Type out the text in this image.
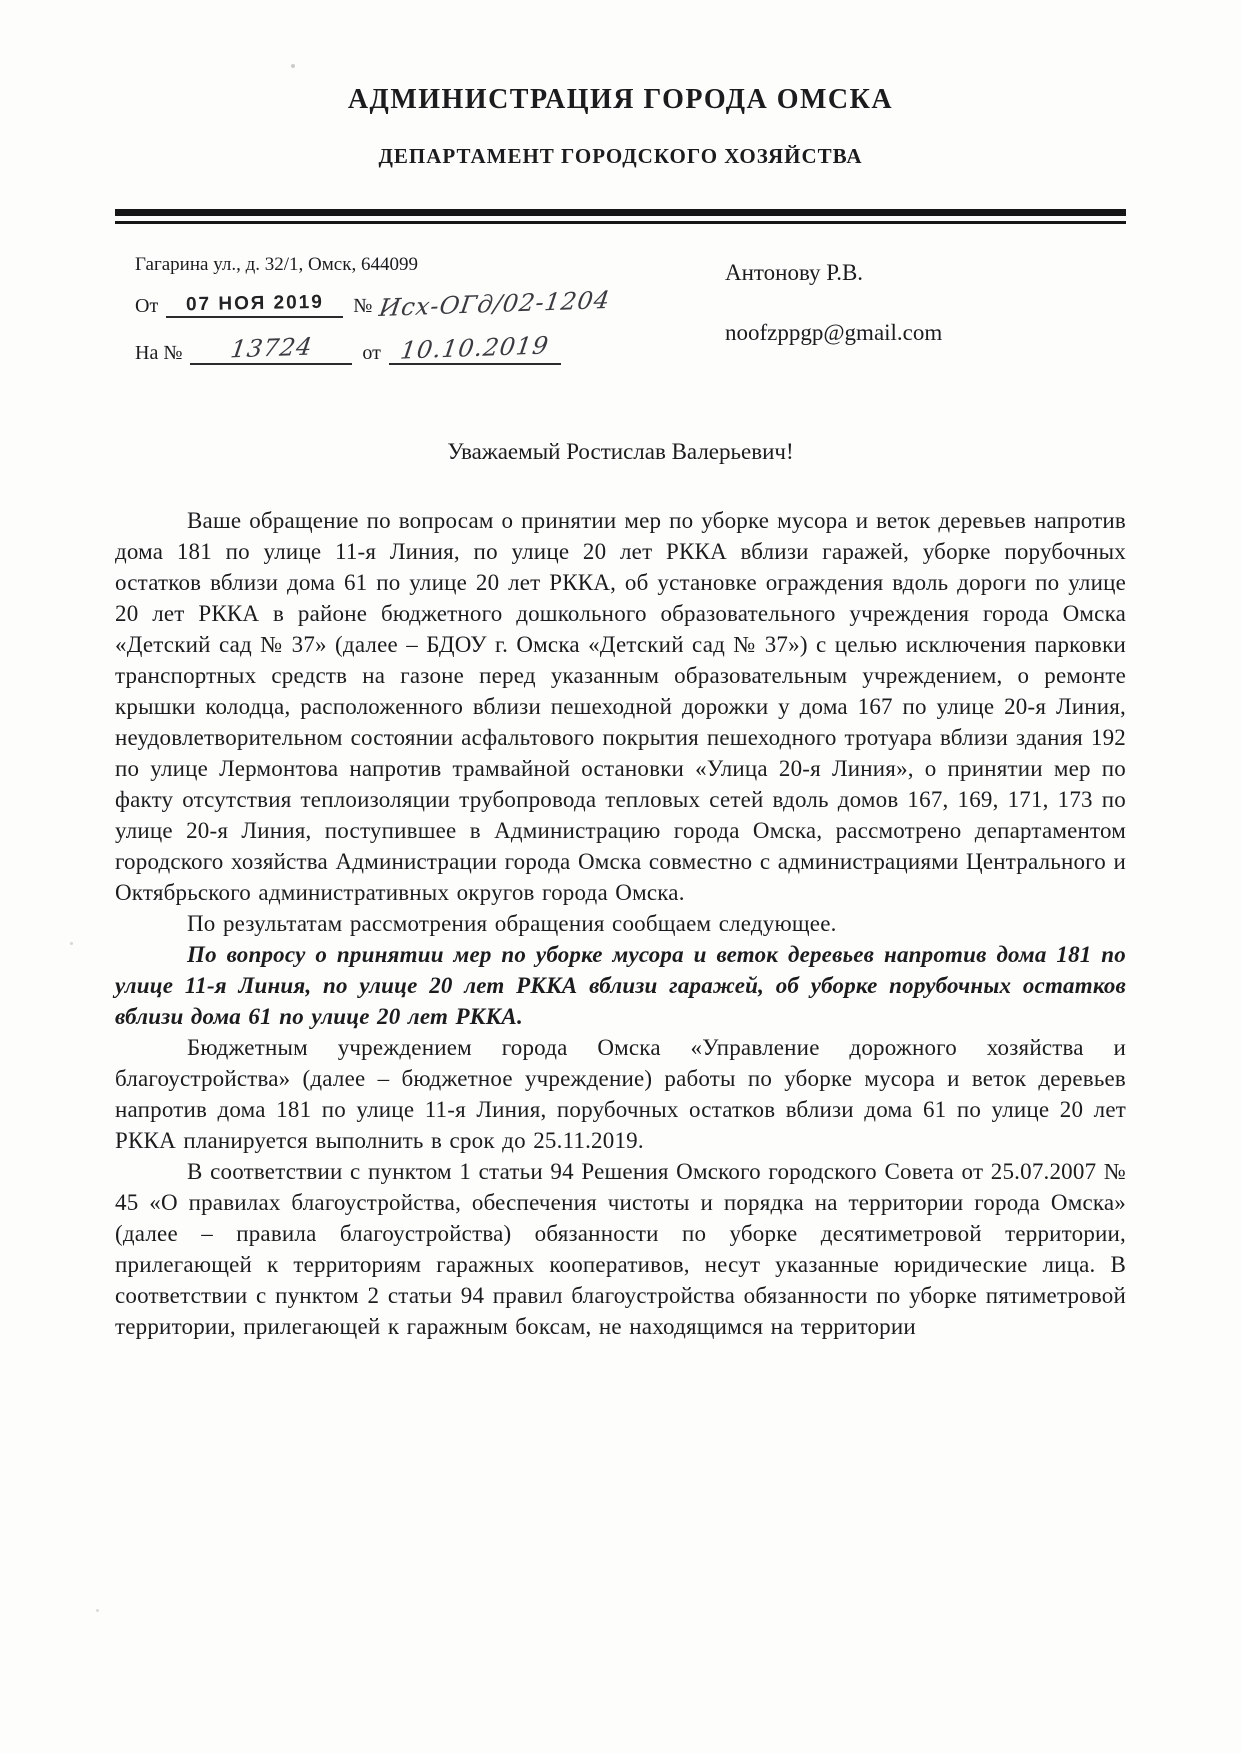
АДМИНИСТРАЦИЯ ГОРОДА ОМСКА
ДЕПАРТАМЕНТ ГОРОДСКОГО ХОЗЯЙСТВА

Гагарина ул., д. 32/1, Омск, 644099

От	07 НОЯ 2019	№ Исх-ОГд/02-1204
На №	13724	от 10.10.2019

Антонову Р.В.

noofzppgp@gmail.com

Уважаемый Ростислав Валерьевич!

Ваше обращение по вопросам о принятии мер по уборке мусора и веток деревьев напротив дома 181 по улице 11-я Линия, по улице 20 лет РККА вблизи гаражей, уборке порубочных остатков вблизи дома 61 по улице 20 лет РККА, об установке ограждения вдоль дороги по улице 20 лет РККА в районе бюджетного дошкольного образовательного учреждения города Омска «Детский сад № 37» (далее – БДОУ г. Омска «Детский сад № 37») с целью исключения парковки транспортных средств на газоне перед указанным образовательным учреждением, о ремонте крышки колодца, расположенного вблизи пешеходной дорожки у дома 167 по улице 20-я Линия, неудовлетворительном состоянии асфальтового покрытия пешеходного тротуара вблизи здания 192 по улице Лермонтова напротив трамвайной остановки «Улица 20-я Линия», о принятии мер по факту отсутствия теплоизоляции трубопровода тепловых сетей вдоль домов 167, 169, 171, 173 по улице 20-я Линия, поступившее в Администрацию города Омска, рассмотрено департаментом городского хозяйства Администрации города Омска совместно с администрациями Центрального и Октябрьского административных округов города Омска.

По результатам рассмотрения обращения сообщаем следующее.

По вопросу о принятии мер по уборке мусора и веток деревьев напротив дома 181 по улице 11-я Линия, по улице 20 лет РККА вблизи гаражей, об уборке порубочных остатков вблизи дома 61 по улице 20 лет РККА.

Бюджетным учреждением города Омска «Управление дорожного хозяйства и благоустройства» (далее – бюджетное учреждение) работы по уборке мусора и веток деревьев напротив дома 181 по улице 11-я Линия, порубочных остатков вблизи дома 61 по улице 20 лет РККА планируется выполнить в срок до 25.11.2019.

В соответствии с пунктом 1 статьи 94 Решения Омского городского Совета от 25.07.2007 № 45 «О правилах благоустройства, обеспечения чистоты и порядка на территории города Омска» (далее – правила благоустройства) обязанности по уборке десятиметровой территории, прилегающей к территориям гаражных кооперативов, несут указанные юридические лица. В соответствии с пунктом 2 статьи 94 правил благоустройства обязанности по уборке пятиметровой территории, прилегающей к гаражным боксам, не находящимся на территории
